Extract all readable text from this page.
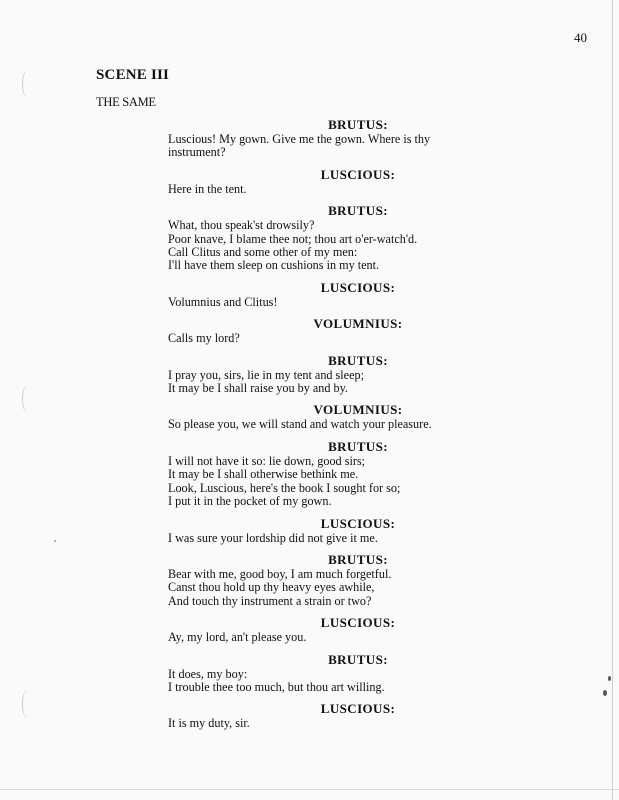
40
SCENE III
THE SAME
BRUTUS:
Luscious! My gown. Give me the gown. Where is thy
instrument?
LUSCIOUS:
Here in the tent.
BRUTUS:
What, thou speak'st drowsily?
Poor knave, I blame thee not; thou art o'er-watch'd.
Call Clitus and some other of my men:
I'll have them sleep on cushions in my tent.
LUSCIOUS:
Volumnius and Clitus!
VOLUMNIUS:
Calls my lord?
BRUTUS:
I pray you, sirs, lie in my tent and sleep;
It may be I shall raise you by and by.
VOLUMNIUS:
So please you, we will stand and watch your pleasure.
BRUTUS:
I will not have it so: lie down, good sirs;
It may be I shall otherwise bethink me.
Look, Luscious, here's the book I sought for so;
I put it in the pocket of my gown.
LUSCIOUS:
I was sure your lordship did not give it me.
BRUTUS:
Bear with me, good boy, I am much forgetful.
Canst thou hold up thy heavy eyes awhile,
And touch thy instrument a strain or two?
LUSCIOUS:
Ay, my lord, an't please you.
BRUTUS:
It does, my boy:
I trouble thee too much, but thou art willing.
LUSCIOUS:
It is my duty, sir.
